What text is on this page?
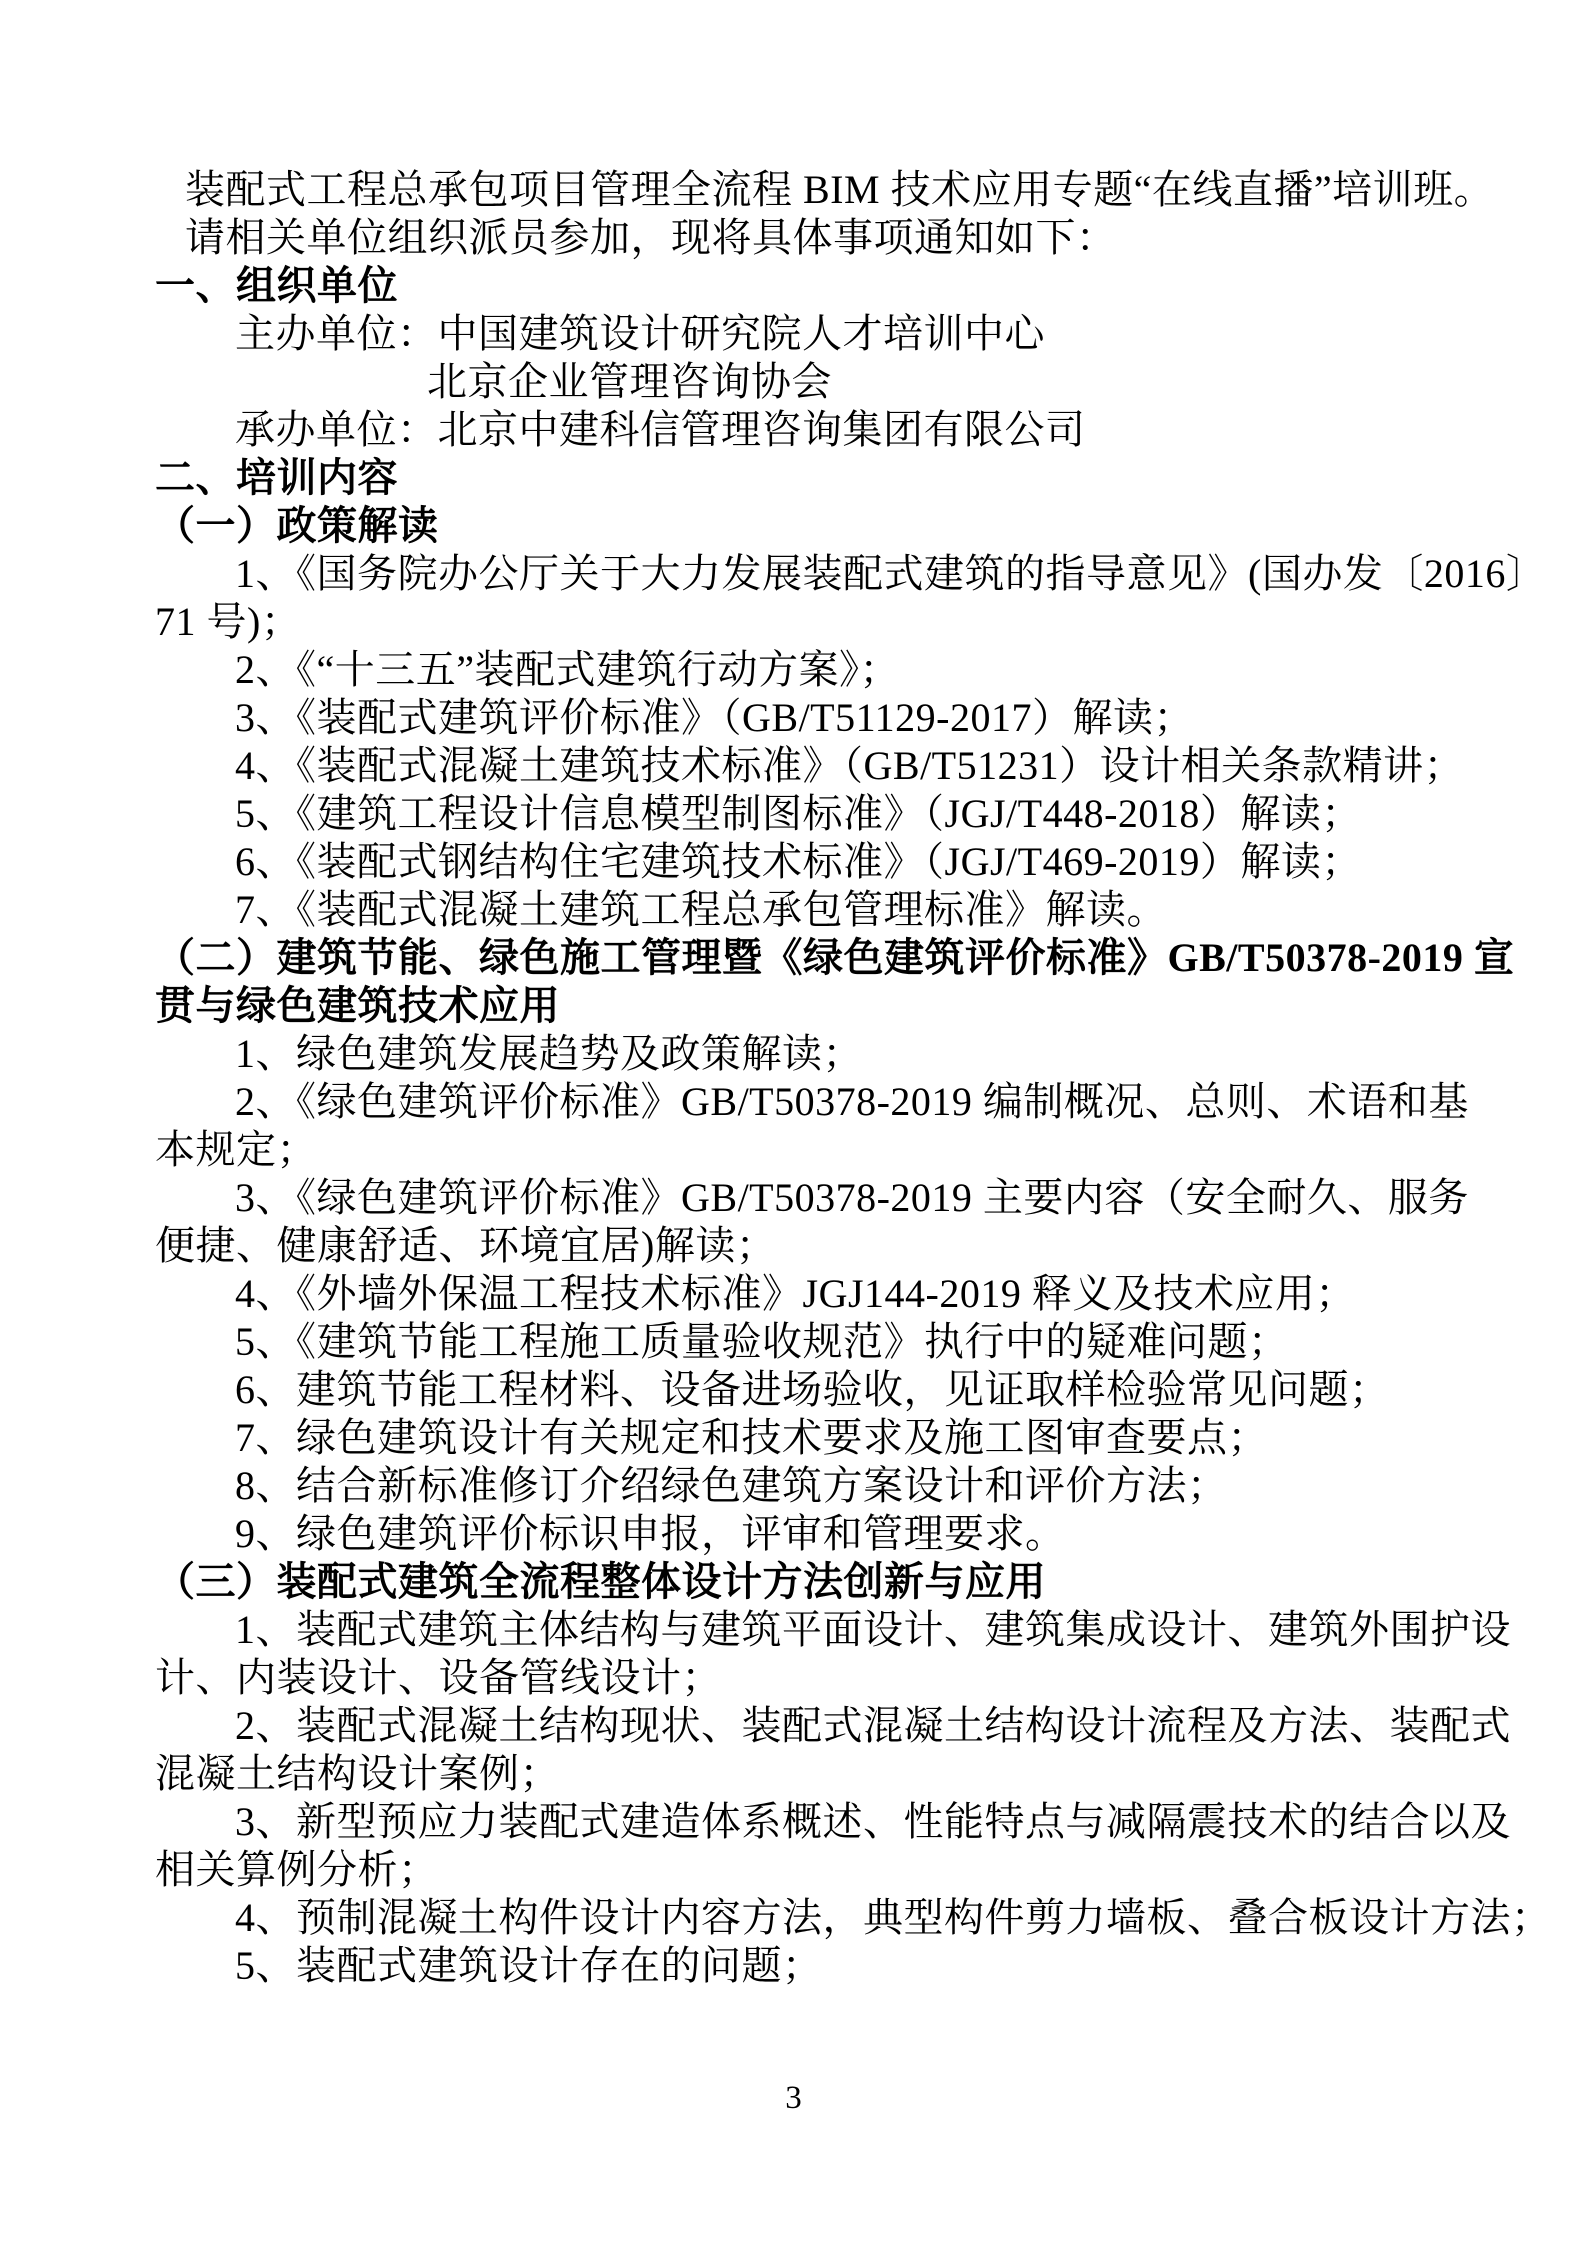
装配式工程总承包项目管理全流程 BIM 技术应用专题“在线直播”培训班。
请相关单位组织派员参加，现将具体事项通知如下：
一、组织单位
主办单位：中国建筑设计研究院人才培训中心
北京企业管理咨询协会
承办单位：北京中建科信管理咨询集团有限公司
二、培训内容
（一）政策解读
1、《国务院办公厅关于大力发展装配式建筑的指导意见》(国办发〔2016〕
71 号)；
2、《“十三五”装配式建筑行动方案》；
3、《装配式建筑评价标准》（GB/T51129-2017）解读；
4、《装配式混凝土建筑技术标准》（GB/T51231）设计相关条款精讲；
5、《建筑工程设计信息模型制图标准》（JGJ/T448-2018）解读；
6、《装配式钢结构住宅建筑技术标准》（JGJ/T469-2019）解读；
7、《装配式混凝土建筑工程总承包管理标准》解读。
（二）建筑节能、绿色施工管理暨《绿色建筑评价标准》GB/T50378-2019 宣
贯与绿色建筑技术应用
1、绿色建筑发展趋势及政策解读；
2、《绿色建筑评价标准》GB/T50378-2019 编制概况、总则、术语和基
本规定；
3、《绿色建筑评价标准》GB/T50378-2019 主要内容（安全耐久、服务
便捷、健康舒适、环境宜居)解读；
4、《外墙外保温工程技术标准》JGJ144-2019 释义及技术应用；
5、《建筑节能工程施工质量验收规范》执行中的疑难问题；
6、建筑节能工程材料、设备进场验收，见证取样检验常见问题；
7、绿色建筑设计有关规定和技术要求及施工图审查要点；
8、结合新标准修订介绍绿色建筑方案设计和评价方法；
9、绿色建筑评价标识申报，评审和管理要求。
（三）装配式建筑全流程整体设计方法创新与应用
1、装配式建筑主体结构与建筑平面设计、建筑集成设计、建筑外围护设
计、内装设计、设备管线设计；
2、装配式混凝土结构现状、装配式混凝土结构设计流程及方法、装配式
混凝土结构设计案例；
3、新型预应力装配式建造体系概述、性能特点与减隔震技术的结合以及
相关算例分析；
4、预制混凝土构件设计内容方法，典型构件剪力墙板、叠合板设计方法；
5、装配式建筑设计存在的问题；
3
